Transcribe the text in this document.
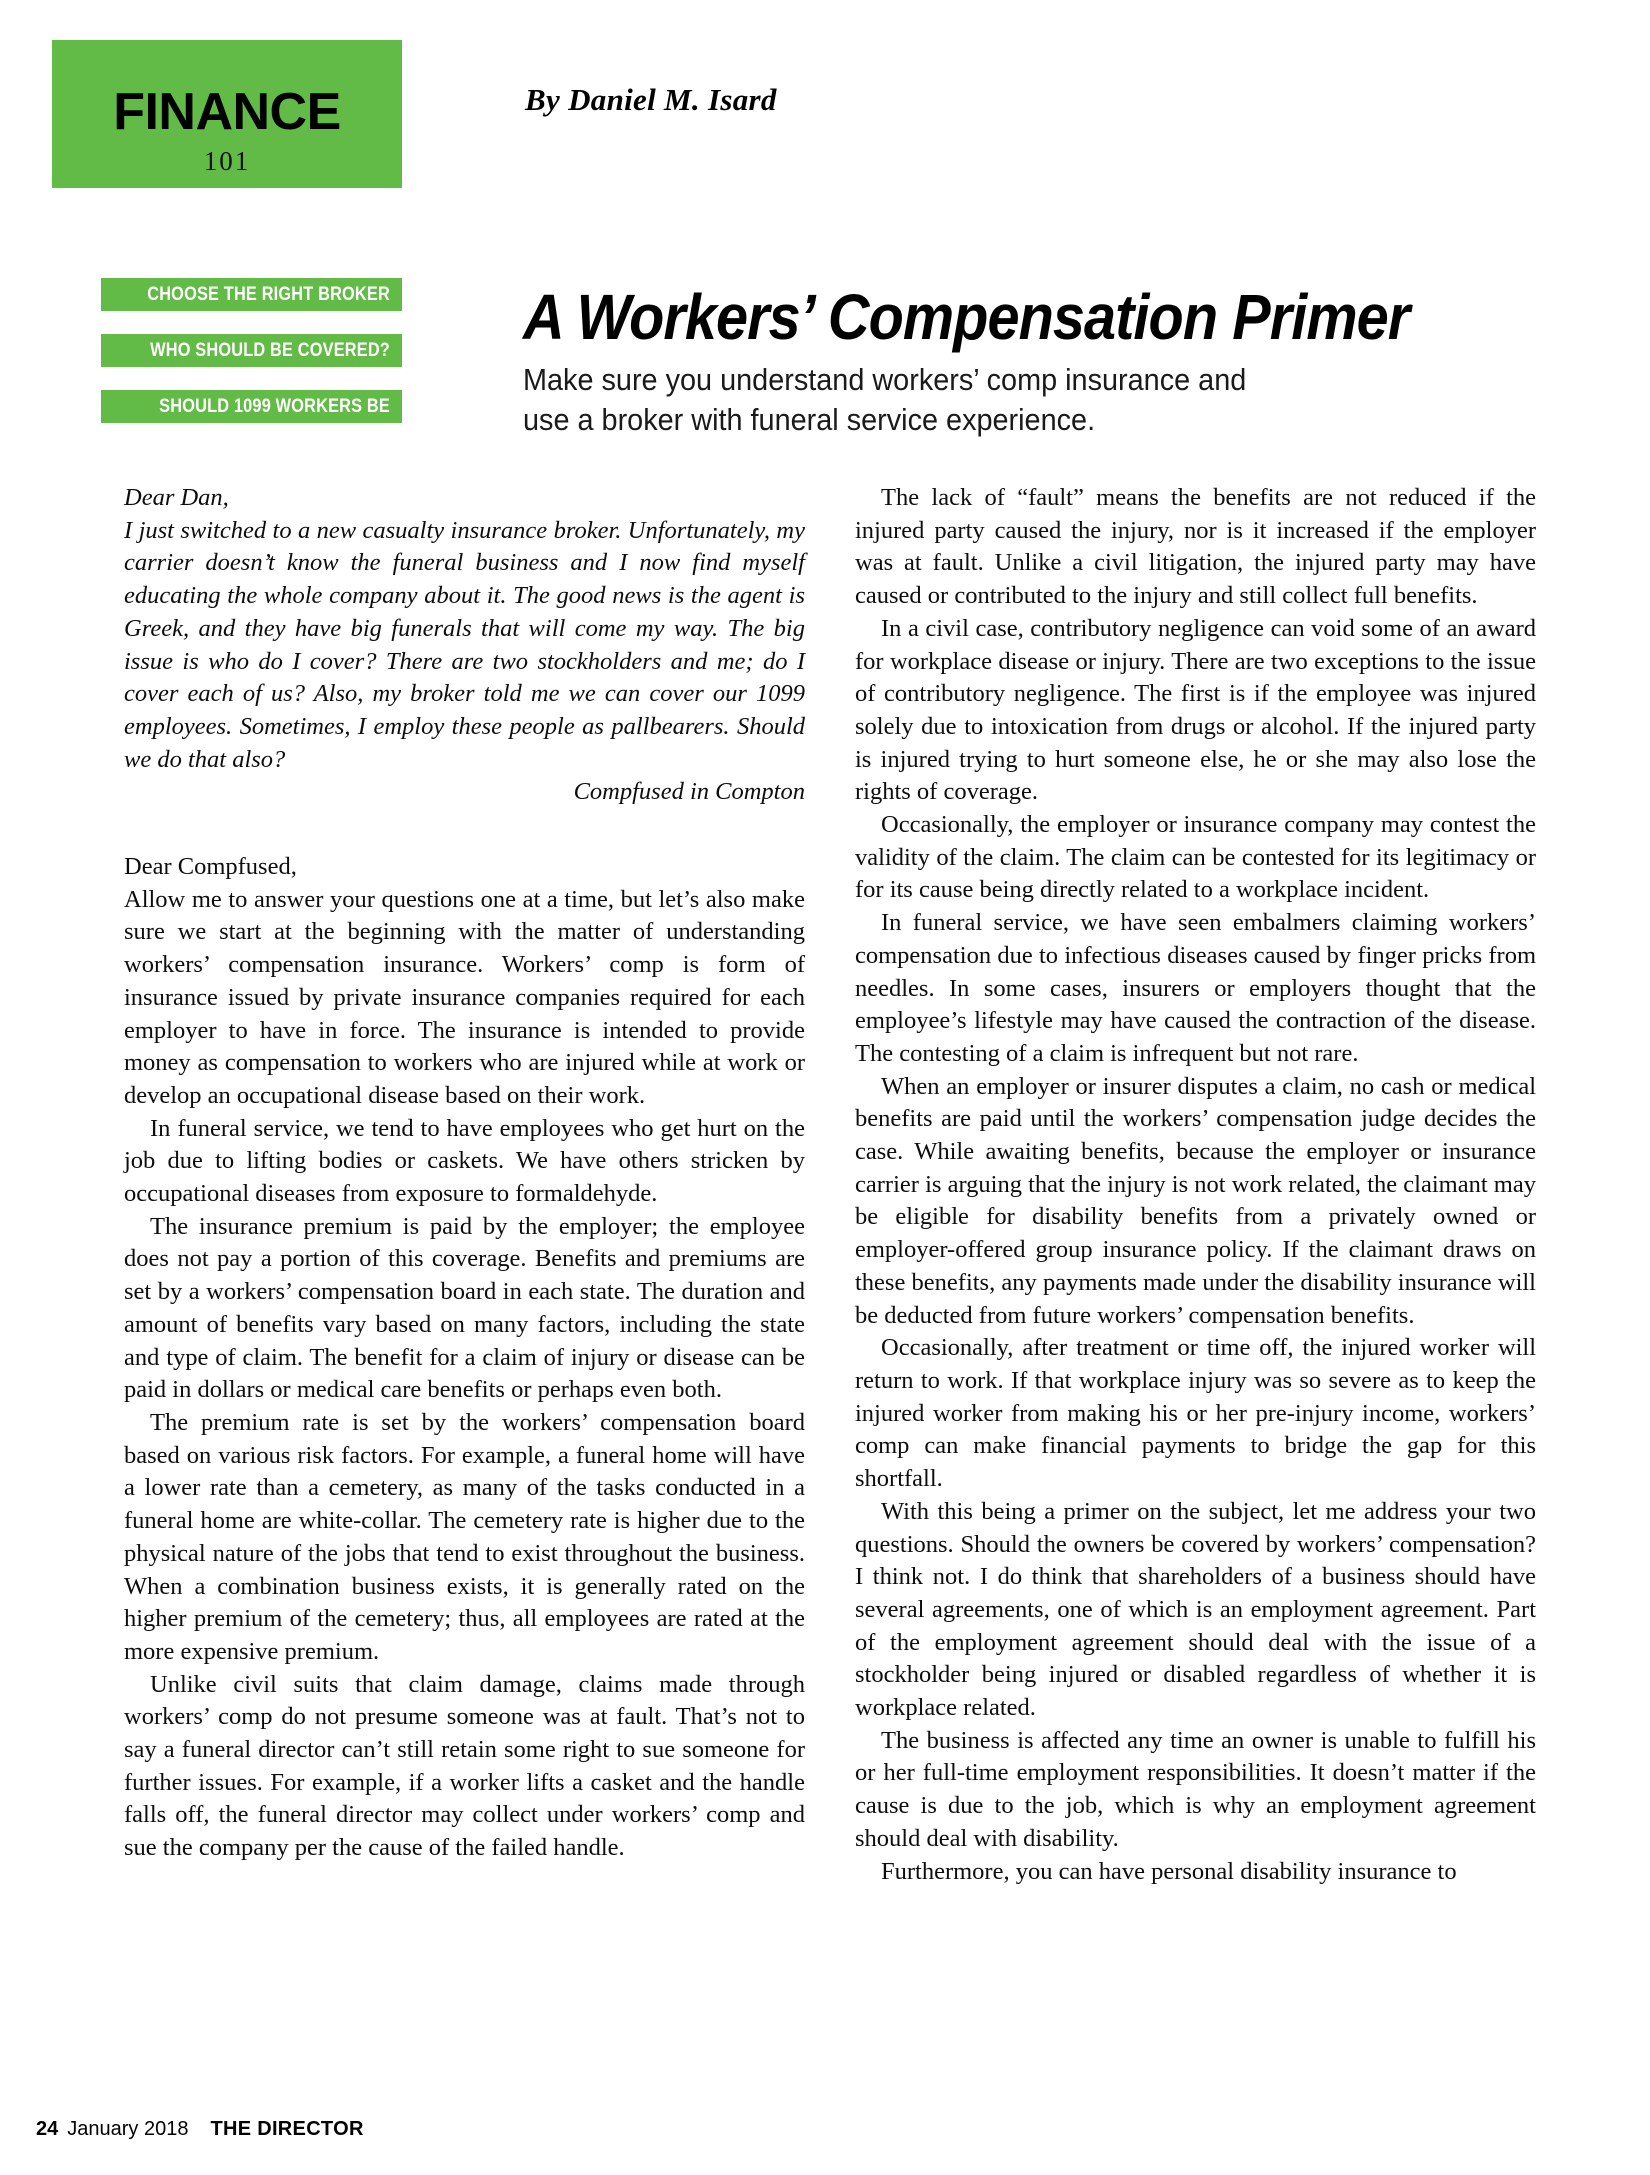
FINANCE
101
CHOOSE THE RIGHT BROKER
WHO SHOULD BE COVERED?
SHOULD 1099 WORKERS BE COVERED?
By Daniel M. Isard
A Workers’ Compensation Primer
Make sure you understand workers’ comp insurance and use a broker with funeral service experience.

Dear Dan,

I just switched to a new casualty insurance broker. Unfortunately, my carrier doesn’t know the funeral business and I now find myself educating the whole company about it. The good news is the agent is Greek, and they have big funerals that will come my way. The big issue is who do I cover? There are two stockholders and me; do I cover each of us? Also, my broker told me we can cover our 1099 employees. Sometimes, I employ these people as pallbearers. Should we do that also?

Compfused in Compton

Dear Compfused,

Allow me to answer your questions one at a time, but let’s also make sure we start at the beginning with the matter of understanding workers’ compensation insurance. Workers’ comp is form of insurance issued by private insurance companies required for each employer to have in force. The insurance is intended to provide money as compensation to workers who are injured while at work or develop an occupational disease based on their work.

In funeral service, we tend to have employees who get hurt on the job due to lifting bodies or caskets. We have others stricken by occupational diseases from exposure to formaldehyde.

The insurance premium is paid by the employer; the employee does not pay a portion of this coverage. Benefits and premiums are set by a workers’ compensation board in each state. The duration and amount of benefits vary based on many factors, including the state and type of claim. The benefit for a claim of injury or disease can be paid in dollars or medical care benefits or perhaps even both.

The premium rate is set by the workers’ compensation board based on various risk factors. For example, a funeral home will have a lower rate than a cemetery, as many of the tasks conducted in a funeral home are white-collar. The cemetery rate is higher due to the physical nature of the jobs that tend to exist throughout the business. When a combination business exists, it is generally rated on the higher premium of the cemetery; thus, all employees are rated at the more expensive premium.

Unlike civil suits that claim damage, claims made through workers’ comp do not presume someone was at fault. That’s not to say a funeral director can’t still retain some right to sue someone for further issues. For example, if a worker lifts a casket and the handle falls off, the funeral director may collect under workers’ comp and sue the company per the cause of the failed handle.

The lack of “fault” means the benefits are not reduced if the injured party caused the injury, nor is it increased if the employer was at fault. Unlike a civil litigation, the injured party may have caused or contributed to the injury and still collect full benefits.

In a civil case, contributory negligence can void some of an award for workplace disease or injury. There are two exceptions to the issue of contributory negligence. The first is if the employee was injured solely due to intoxication from drugs or alcohol. If the injured party is injured trying to hurt someone else, he or she may also lose the rights of coverage.

Occasionally, the employer or insurance company may contest the validity of the claim. The claim can be contested for its legitimacy or for its cause being directly related to a workplace incident.

In funeral service, we have seen embalmers claiming workers’ compensation due to infectious diseases caused by finger pricks from needles. In some cases, insurers or employers thought that the employee’s lifestyle may have caused the contraction of the disease. The contesting of a claim is infrequent but not rare.

When an employer or insurer disputes a claim, no cash or medical benefits are paid until the workers’ compensation judge decides the case. While awaiting benefits, because the employer or insurance carrier is arguing that the injury is not work related, the claimant may be eligible for disability benefits from a privately owned or employer-offered group insurance policy. If the claimant draws on these benefits, any payments made under the disability insurance will be deducted from future workers’ compensation benefits.

Occasionally, after treatment or time off, the injured worker will return to work. If that workplace injury was so severe as to keep the injured worker from making his or her pre-injury income, workers’ comp can make financial payments to bridge the gap for this shortfall.

With this being a primer on the subject, let me address your two questions. Should the owners be covered by workers’ compensation? I think not. I do think that shareholders of a business should have several agreements, one of which is an employment agreement. Part of the employment agreement should deal with the issue of a stockholder being injured or disabled regardless of whether it is workplace related.

The business is affected any time an owner is unable to fulfill his or her full-time employment responsibilities. It doesn’t matter if the cause is due to the job, which is why an employment agreement should deal with disability.

Furthermore, you can have personal disability insurance to

24 January 2018 THE DIRECTOR
